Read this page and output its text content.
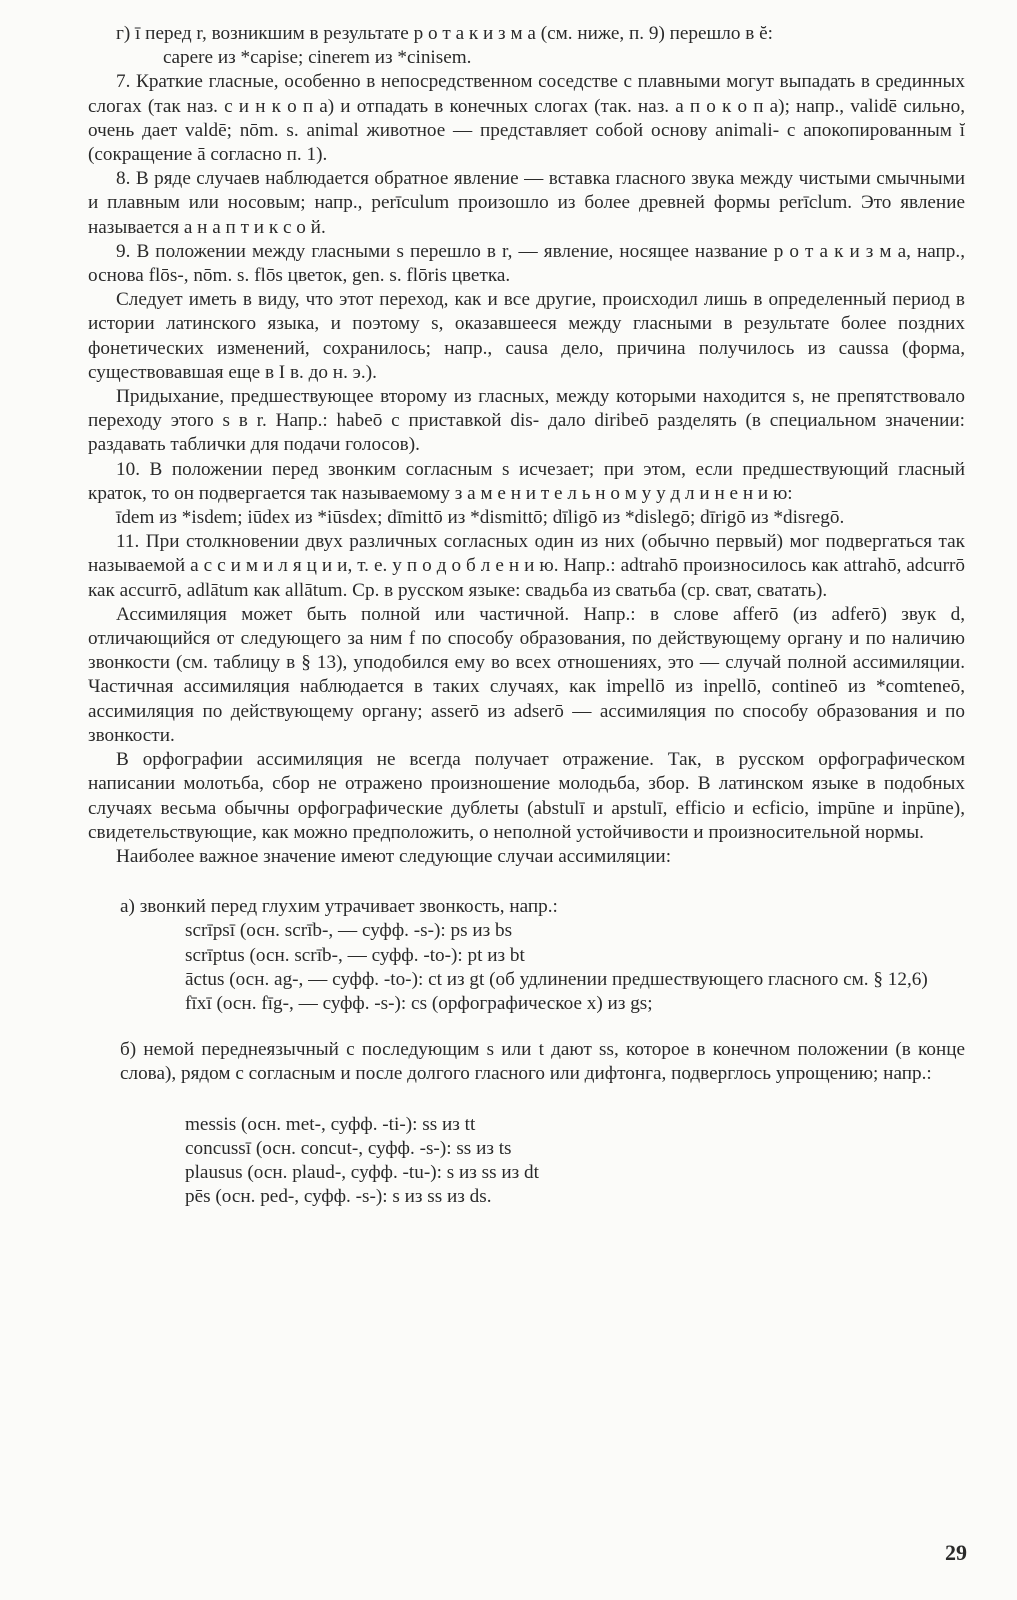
г) ī перед r, возникшим в результате р о т а к и з м а (см. ниже, п. 9) перешло в ĕ:

capere из *capise; cinerem из *cinisem.

7. Краткие гласные, особенно в непосредственном соседстве с плавными могут выпадать в срединных слогах (так наз. с и н к о п а) и отпадать в конечных слогах (так. наз. а п о к о п а); напр., validē сильно, очень дает valdē; nōm. s. animal животное — представляет собой основу animali- с апокопированным ĭ (сокращение ā согласно п. 1).

8. В ряде случаев наблюдается обратное явление — вставка гласного звука между чистыми смычными и плавным или носовым; напр., perīculum произошло из более древней формы perīclum. Это явление называется а н а п т и к с о й.

9. В положении между гласными s перешло в r, — явление, носящее название р о т а к и з м а, напр., основа flōs-, nōm. s. flōs цветок, gen. s. flōris цветка.

Следует иметь в виду, что этот переход, как и все другие, происходил лишь в определенный период в истории латинского языка, и поэтому s, оказавшееся между гласными в результате более поздних фонетических изменений, сохранилось; напр., causa дело, причина получилось из caussa (форма, существовавшая еще в I в. до н. э.).

Придыхание, предшествующее второму из гласных, между которыми находится s, не препятствовало переходу этого s в r. Напр.: habeō с приставкой dis- дало diribeō разделять (в специальном значении: раздавать таблички для подачи голосов).

10. В положении перед звонким согласным s исчезает; при этом, если предшествующий гласный краток, то он подвергается так называемому з а м е н и т е л ь н о м у у д л и н е н и ю:

īdem из *isdem; iūdex из *iūsdex; dīmittō из *dismittō; dīligō из *dislegō; dīrigō из *disregō.

11. При столкновении двух различных согласных один из них (обычно первый) мог подвергаться так называемой а с с и м и л я ц и и, т. е. у п о д о б л е н и ю. Напр.: adtrahō произносилось как attrahō, adcurrō как accurrō, adlātum как allātum. Ср. в русском языке: свадьба из сватьба (ср. сват, сватать).

Ассимиляция может быть полной или частичной. Напр.: в слове afferō (из adferō) звук d, отличающийся от следующего за ним f по способу образования, по действующему органу и по наличию звонкости (см. таблицу в § 13), уподобился ему во всех отношениях, это — случай полной ассимиляции. Частичная ассимиляция наблюдается в таких случаях, как impellō из inpellō, contineō из *comteneō, ассимиляция по действующему органу; asserō из adserō — ассимиляция по способу образования и по звонкости.

В орфографии ассимиляция не всегда получает отражение. Так, в русском орфографическом написании молотьба, сбор не отражено произношение молодьба, збор. В латинском языке в подобных случаях весьма обычны орфографические дублеты (abstulī и apstulī, efficio и ecficio, impūne и inpūne), свидетельствующие, как можно предположить, о неполной устойчивости и произносительной нормы.

Наиболее важное значение имеют следующие случаи ассимиляции:

а) звонкий перед глухим утрачивает звонкость, напр.:

scrīpsī (осн. scrīb-, — суфф. -s-): ps из bs

scrīptus (осн. scrīb-, — суфф. -to-): pt из bt

āctus (осн. ag-, — суфф. -to-): ct из gt (об удлинении предшествующего гласного см. § 12,6)

fīxī (осн. fīg-, — суфф. -s-): cs (орфографическое x) из gs;

б) немой переднеязычный с последующим s или t дают ss, которое в конечном положении (в конце слова), рядом с согласным и после долгого гласного или дифтонга, подверглось упрощению; напр.:

messis (осн. met-, суфф. -ti-): ss из tt

concussī (осн. concut-, суфф. -s-): ss из ts

plausus (осн. plaud-, суфф. -tu-): s из ss из dt

pēs (осн. ped-, суфф. -s-): s из ss из ds.

29
